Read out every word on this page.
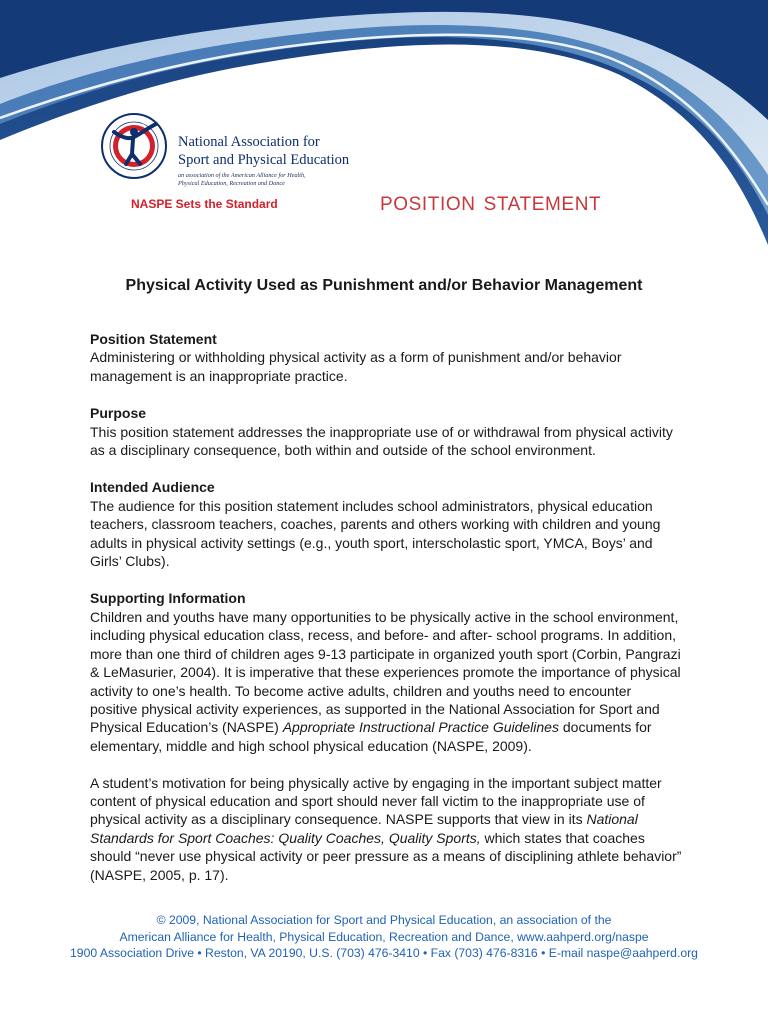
National Association for
Sport and Physical Education
an association of the American Alliance for Health,
Physical Education, Recreation and Dance
NASPE Sets the Standard	POSITION STATEMENT
Physical Activity Used as Punishment and/or Behavior Management
Position Statement

Administering or withholding physical activity as a form of punishment and/or behavior
management is an inappropriate practice.

Purpose

This position statement addresses the inappropriate use of or withdrawal from physical activity
as a disciplinary consequence, both within and outside of the school environment.

Intended Audience

The audience for this position statement includes school administrators, physical education
teachers, classroom teachers, coaches, parents and others working with children and young
adults in physical activity settings (e.g., youth sport, interscholastic sport, YMCA, Boys’ and
Girls’ Clubs).

Supporting Information

Children and youths have many opportunities to be physically active in the school environment,
including physical education class, recess, and before- and after- school programs. In addition,
more than one third of children ages 9-13 participate in organized youth sport (Corbin, Pangrazi
& LeMasurier, 2004). It is imperative that these experiences promote the importance of physical
activity to one’s health. To become active adults, children and youths need to encounter
positive physical activity experiences, as supported in the National Association for Sport and
Physical Education’s (NASPE) Appropriate Instructional Practice Guidelines documents for
elementary, middle and high school physical education (NASPE, 2009).

A student’s motivation for being physically active by engaging in the important subject matter
content of physical education and sport should never fall victim to the inappropriate use of
physical activity as a disciplinary consequence. NASPE supports that view in its National
Standards for Sport Coaches: Quality Coaches, Quality Sports, which states that coaches
should “never use physical activity or peer pressure as a means of disciplining athlete behavior”
(NASPE, 2005, p. 17).

© 2009, National Association for Sport and Physical Education, an association of the
American Alliance for Health, Physical Education, Recreation and Dance, www.aahperd.org/naspe
1900 Association Drive • Reston, VA 20190, U.S. (703) 476-3410 • Fax (703) 476-8316 • E-mail naspe@aahperd.org
